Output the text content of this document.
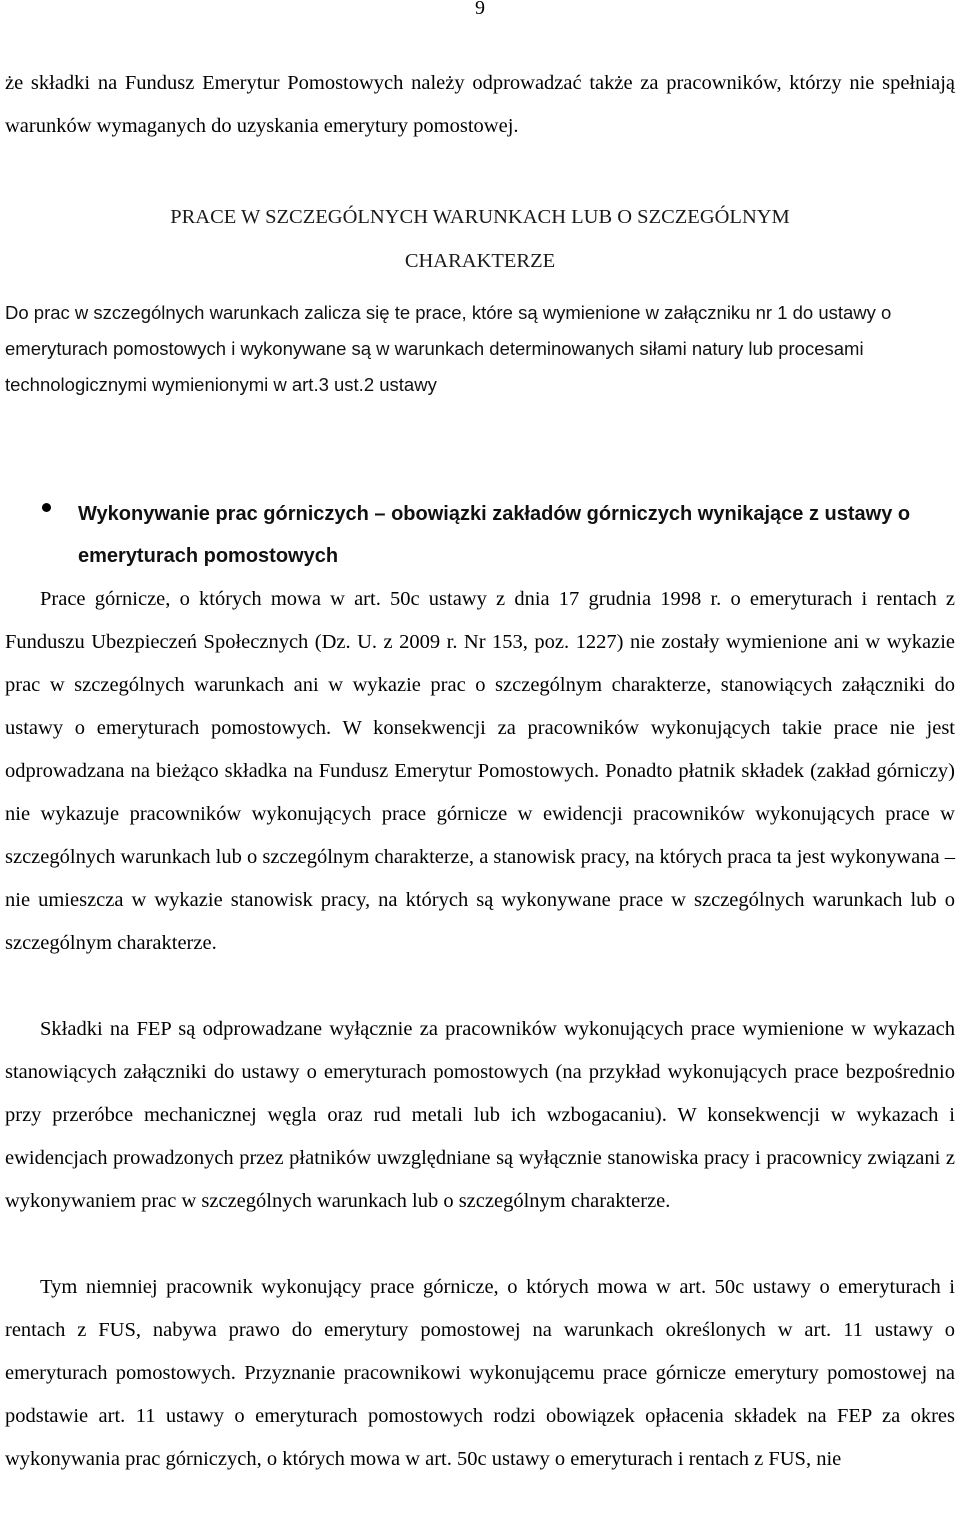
9

że składki na Fundusz Emerytur Pomostowych należy odprowadzać także za pracowników, którzy nie spełniają warunków wymaganych do uzyskania emerytury pomostowej.

PRACE W SZCZEGÓLNYCH WARUNKACH LUB O SZCZEGÓLNYM
CHARAKTERZE

Do prac w szczególnych warunkach zalicza się te prace, które są wymienione w załączniku nr 1 do ustawy o emeryturach pomostowych i wykonywane są w warunkach determinowanych siłami natury lub procesami technologicznymi wymienionymi w art.3 ust.2 ustawy

Wykonywanie prac górniczych – obowiązki zakładów górniczych wynikające z ustawy o emeryturach pomostowych

Prace górnicze, o których mowa w art. 50c ustawy z dnia 17 grudnia 1998 r. o emeryturach i rentach z Funduszu Ubezpieczeń Społecznych (Dz. U. z 2009 r. Nr 153, poz. 1227) nie zostały wymienione ani w wykazie prac w szczególnych warunkach ani w wykazie prac o szczególnym charakterze, stanowiących załączniki do ustawy o emeryturach pomostowych. W konsekwencji za pracowników wykonujących takie prace nie jest odprowadzana na bieżąco składka na Fundusz Emerytur Pomostowych. Ponadto płatnik składek (zakład górniczy) nie wykazuje pracowników wykonujących prace górnicze w ewidencji pracowników wykonujących prace w szczególnych warunkach lub o szczególnym charakterze, a stanowisk pracy, na których praca ta jest wykonywana – nie umieszcza w wykazie stanowisk pracy, na których są wykonywane prace w szczególnych warunkach lub o szczególnym charakterze.

Składki na FEP są odprowadzane wyłącznie za pracowników wykonujących prace wymienione w wykazach stanowiących załączniki do ustawy o emeryturach pomostowych (na przykład wykonujących prace bezpośrednio przy przeróbce mechanicznej węgla oraz rud metali lub ich wzbogacaniu). W konsekwencji w wykazach i ewidencjach prowadzonych przez płatników uwzględniane są wyłącznie stanowiska pracy i pracownicy związani z wykonywaniem prac w szczególnych warunkach lub o szczególnym charakterze.

Tym niemniej pracownik wykonujący prace górnicze, o których mowa w art. 50c ustawy o emeryturach i rentach z FUS, nabywa prawo do emerytury pomostowej na warunkach określonych w art. 11 ustawy o emeryturach pomostowych. Przyznanie pracownikowi wykonującemu prace górnicze emerytury pomostowej na podstawie art. 11 ustawy o emeryturach pomostowych rodzi obowiązek opłacenia składek na FEP za okres wykonywania prac górniczych, o których mowa w art. 50c ustawy o emeryturach i rentach z FUS, nie
